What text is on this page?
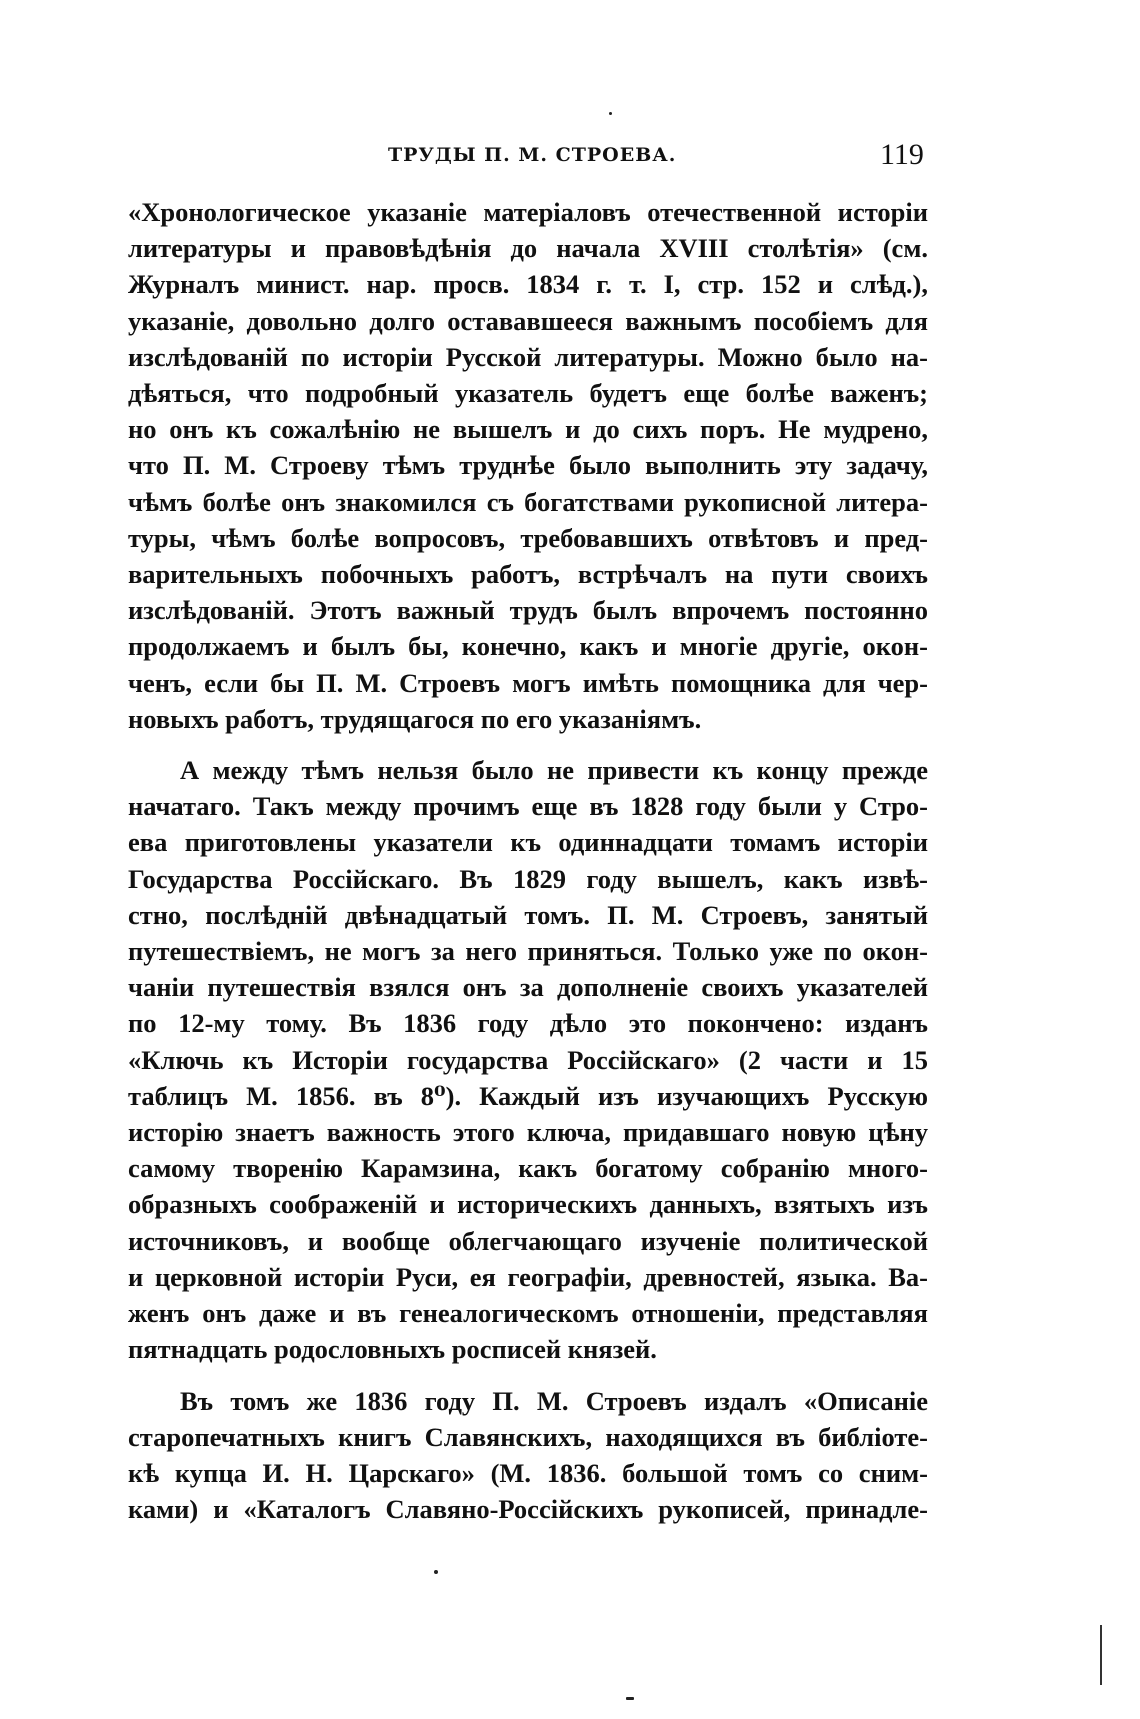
ТРУДЫ П. М. СТРОЕВА.	119
«Хронологическое указаніе матеріаловъ отечественной исторіи
литературы и правовѣдѣнія до начала XVIII столѣтія» (см.
Журналъ минист. нар. просв. 1834 г. т. I, стр. 152 и слѣд.),
указаніе, довольно долго остававшееся важнымъ пособіемъ для
изслѣдованій по исторіи Русской литературы. Можно было на-
дѣяться, что подробный указатель будетъ еще болѣе важенъ;
но онъ къ сожалѣнію не вышелъ и до сихъ поръ. Не мудрено,
что П. М. Строеву тѣмъ труднѣе было выполнить эту задачу,
чѣмъ болѣе онъ знакомился съ богатствами рукописной литера-
туры, чѣмъ болѣе вопросовъ, требовавшихъ отвѣтовъ и пред-
варительныхъ побочныхъ работъ, встрѣчалъ на пути своихъ
изслѣдованій. Этотъ важный трудъ былъ впрочемъ постоянно
продолжаемъ и былъ бы, конечно, какъ и многіе другіе, окон-
ченъ, если бы П. М. Строевъ могъ имѣть помощника для чер-
новыхъ работъ, трудящагося по его указаніямъ.
А между тѣмъ нельзя было не привести къ концу прежде
начатаго. Такъ между прочимъ еще въ 1828 году были у Стро-
ева приготовлены указатели къ одиннадцати томамъ исторіи
Государства Россійскаго. Въ 1829 году вышелъ, какъ извѣ-
стно, послѣдній двѣнадцатый томъ. П. М. Строевъ, занятый
путешествіемъ, не могъ за него приняться. Только уже по окон-
чаніи путешествія взялся онъ за дополненіе своихъ указателей
по 12-му тому. Въ 1836 году дѣло это покончено: изданъ
«Ключь къ Исторіи государства Россійскаго» (2 части и 15
таблицъ М. 1856. въ 8⁰). Каждый изъ изучающихъ Русскую
исторію знаетъ важность этого ключа, придавшаго новую цѣну
самому творенію Карамзина, какъ богатому собранію много-
образныхъ соображеній и историческихъ данныхъ, взятыхъ изъ
источниковъ, и вообще облегчающаго изученіе политической
и церковной исторіи Руси, ея географіи, древностей, языка. Ва-
женъ онъ даже и въ генеалогическомъ отношеніи, представляя
пятнадцать родословныхъ росписей князей.
Въ томъ же 1836 году П. М. Строевъ издалъ «Описаніе
старопечатныхъ книгъ Славянскихъ, находящихся въ библіоте-
кѣ купца И. Н. Царскаго» (М. 1836. большой томъ со сним-
ками) и «Каталогъ Славяно-Россійскихъ рукописей, принадле-
